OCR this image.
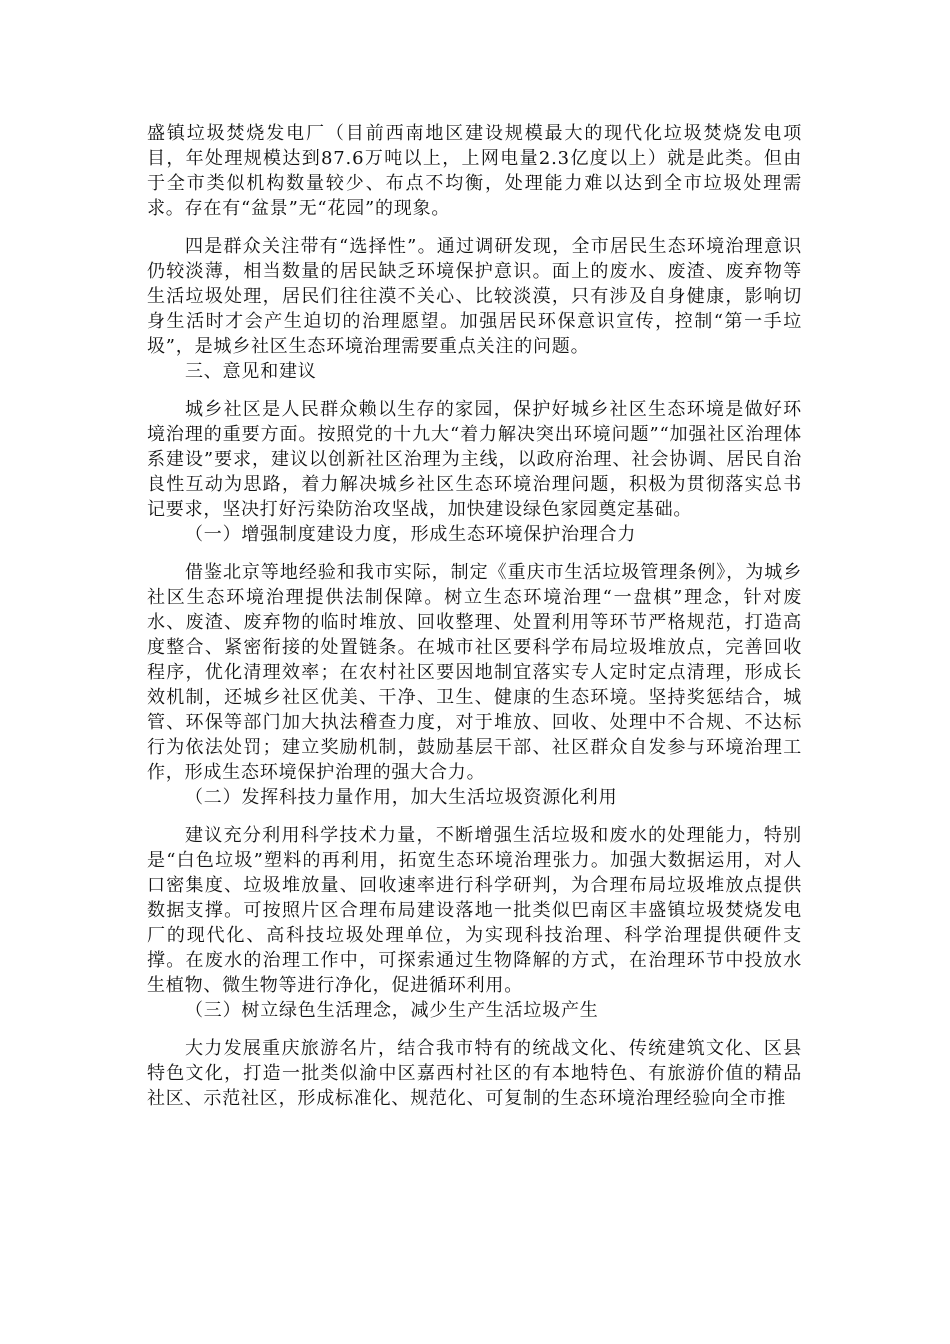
盛镇垃圾焚烧发电厂（目前西南地区建设规模最大的现代化垃圾焚烧发电项目，年处理规模达到87.6万吨以上，上网电量2.3亿度以上）就是此类。但由于全市类似机构数量较少、布点不均衡，处理能力难以达到全市垃圾处理需求。存在有“盆景”无“花园”的现象。

四是群众关注带有“选择性”。通过调研发现，全市居民生态环境治理意识仍较淡薄，相当数量的居民缺乏环境保护意识。面上的废水、废渣、废弃物等生活垃圾处理，居民们往往漠不关心、比较淡漠，只有涉及自身健康，影响切身生活时才会产生迫切的治理愿望。加强居民环保意识宣传，控制“第一手垃圾”，是城乡社区生态环境治理需要重点关注的问题。

三、意见和建议

城乡社区是人民群众赖以生存的家园，保护好城乡社区生态环境是做好环境治理的重要方面。按照党的十九大“着力解决突出环境问题”“加强社区治理体系建设”要求，建议以创新社区治理为主线，以政府治理、社会协调、居民自治良性互动为思路，着力解决城乡社区生态环境治理问题，积极为贯彻落实总书记要求，坚决打好污染防治攻坚战，加快建设绿色家园奠定基础。

（一）增强制度建设力度，形成生态环境保护治理合力

借鉴北京等地经验和我市实际，制定《重庆市生活垃圾管理条例》，为城乡社区生态环境治理提供法制保障。树立生态环境治理“一盘棋”理念，针对废水、废渣、废弃物的临时堆放、回收整理、处置利用等环节严格规范，打造高度整合、紧密衔接的处置链条。在城市社区要科学布局垃圾堆放点，完善回收程序，优化清理效率；在农村社区要因地制宜落实专人定时定点清理，形成长效机制，还城乡社区优美、干净、卫生、健康的生态环境。坚持奖惩结合，城管、环保等部门加大执法稽查力度，对于堆放、回收、处理中不合规、不达标行为依法处罚；建立奖励机制，鼓励基层干部、社区群众自发参与环境治理工作，形成生态环境保护治理的强大合力。

（二）发挥科技力量作用，加大生活垃圾资源化利用

建议充分利用科学技术力量，不断增强生活垃圾和废水的处理能力，特别是“白色垃圾”塑料的再利用，拓宽生态环境治理张力。加强大数据运用，对人口密集度、垃圾堆放量、回收速率进行科学研判，为合理布局垃圾堆放点提供数据支撑。可按照片区合理布局建设落地一批类似巴南区丰盛镇垃圾焚烧发电厂的现代化、高科技垃圾处理单位，为实现科技治理、科学治理提供硬件支撑。在废水的治理工作中，可探索通过生物降解的方式，在治理环节中投放水生植物、微生物等进行净化，促进循环利用。

（三）树立绿色生活理念，减少生产生活垃圾产生

大力发展重庆旅游名片，结合我市特有的统战文化、传统建筑文化、区县特色文化，打造一批类似渝中区嘉西村社区的有本地特色、有旅游价值的精品社区、示范社区，形成标准化、规范化、可复制的生态环境治理经验向全市推
